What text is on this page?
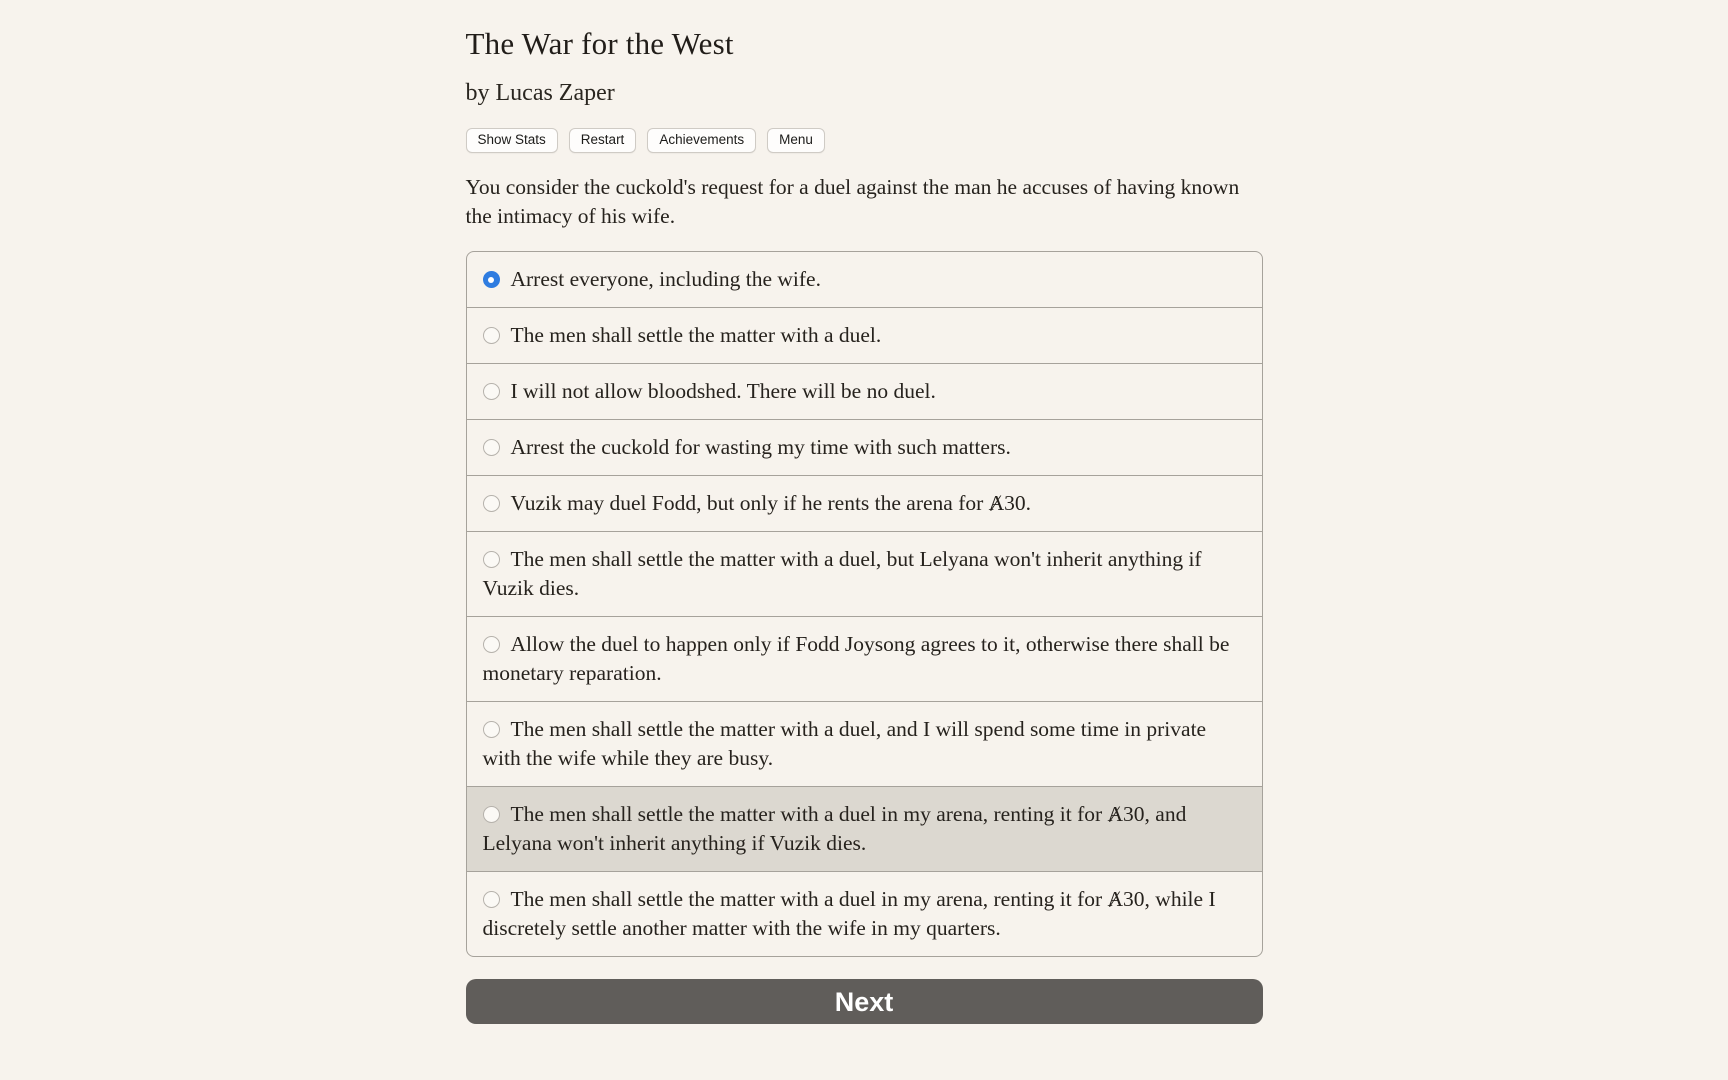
The War for the West
by Lucas Zaper
Show Stats	Restart	Achievements	Menu

You consider the cuckold's request for a duel against the man he accuses of having known the intimacy of his wife.

Arrest everyone, including the wife.
The men shall settle the matter with a duel.
I will not allow bloodshed. There will be no duel.
Arrest the cuckold for wasting my time with such matters.
Vuzik may duel Fodd, but only if he rents the arena for Ⱥ30.
The men shall settle the matter with a duel, but Lelyana won't inherit anything if Vuzik dies.
Allow the duel to happen only if Fodd Joysong agrees to it, otherwise there shall be monetary reparation.
The men shall settle the matter with a duel, and I will spend some time in private with the wife while they are busy.
The men shall settle the matter with a duel in my arena, renting it for Ⱥ30, and Lelyana won't inherit anything if Vuzik dies.
The men shall settle the matter with a duel in my arena, renting it for Ⱥ30, while I discretely settle another matter with the wife in my quarters.
Next
